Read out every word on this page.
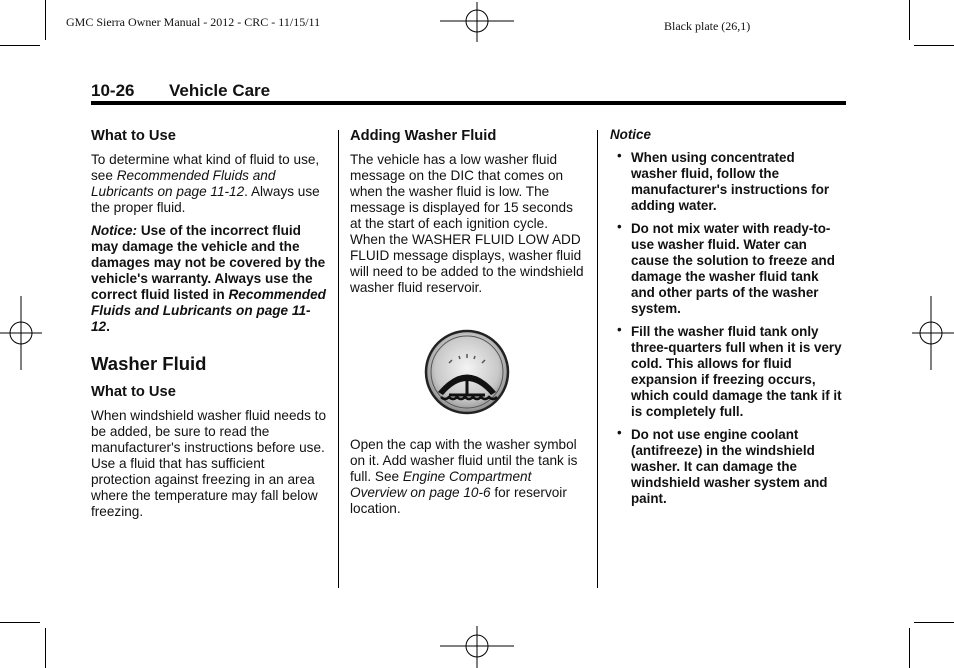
GMC Sierra Owner Manual - 2012 - CRC - 11/15/11	Black plate (26,1)
10-26 Vehicle Care
What to Use

To determine what kind of fluid to use, see Recommended Fluids and Lubricants on page 11-12. Always use the proper fluid.

Notice: Use of the incorrect fluid may damage the vehicle and the damages may not be covered by the vehicle's warranty. Always use the correct fluid listed in Recommended Fluids and Lubricants on page 11-12.

Washer Fluid
What to Use

When windshield washer fluid needs to be added, be sure to read the manufacturer's instructions before use. Use a fluid that has sufficient protection against freezing in an area where the temperature may fall below freezing.

Adding Washer Fluid

The vehicle has a low washer fluid message on the DIC that comes on when the washer fluid is low. The message is displayed for 15 seconds at the start of each ignition cycle. When the WASHER FLUID LOW ADD FLUID message displays, washer fluid will need to be added to the windshield washer fluid reservoir.

Open the cap with the washer symbol on it. Add washer fluid until the tank is full. See Engine Compartment Overview on page 10-6 for reservoir location.

Notice
• When using concentrated washer fluid, follow the manufacturer's instructions for adding water.
• Do not mix water with ready-to-use washer fluid. Water can cause the solution to freeze and damage the washer fluid tank and other parts of the washer system.
• Fill the washer fluid tank only three-quarters full when it is very cold. This allows for fluid expansion if freezing occurs, which could damage the tank if it is completely full.
• Do not use engine coolant (antifreeze) in the windshield washer. It can damage the windshield washer system and paint.
